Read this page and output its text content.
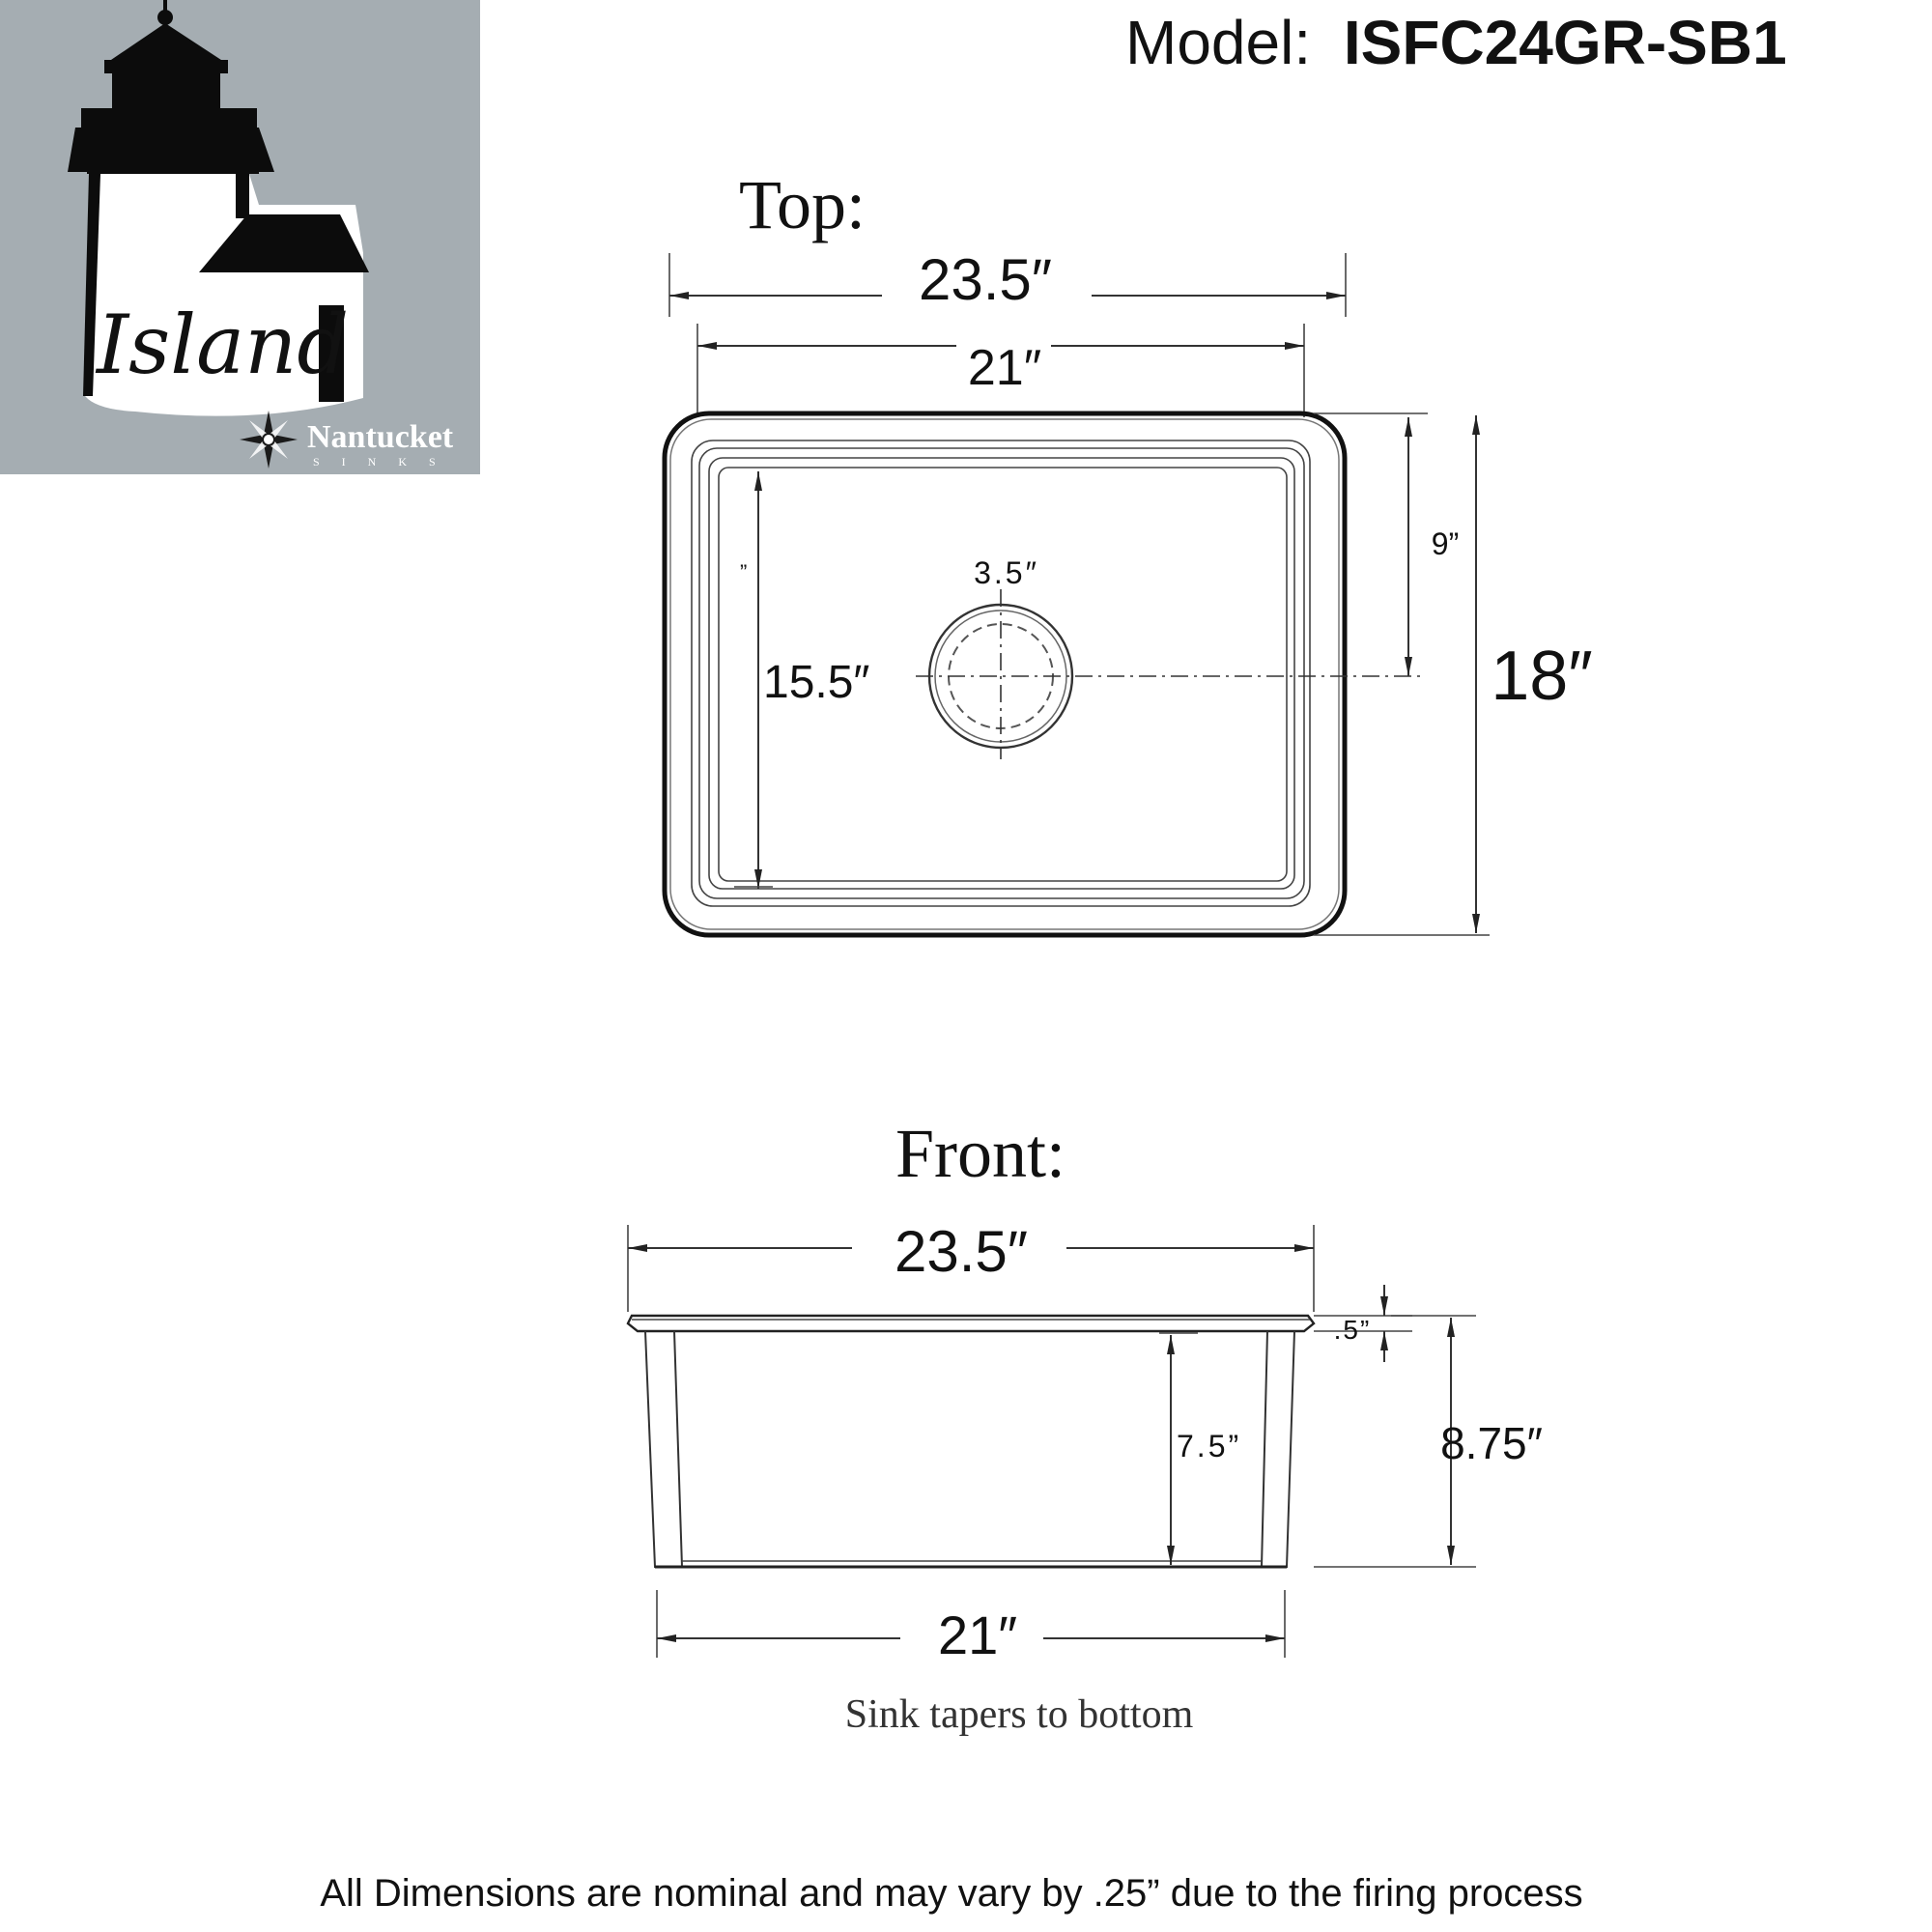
Island
Nantucket
SINKS
Model: ISFC24GR-SB1
Top:
23.5″
21″
3.5″
15.5″
”
9”
18″
Front:
23.5″
.5”
7.5”	8.75″
21″
Sink tapers to bottom
All Dimensions are nominal and may vary by .25” due to the firing process
